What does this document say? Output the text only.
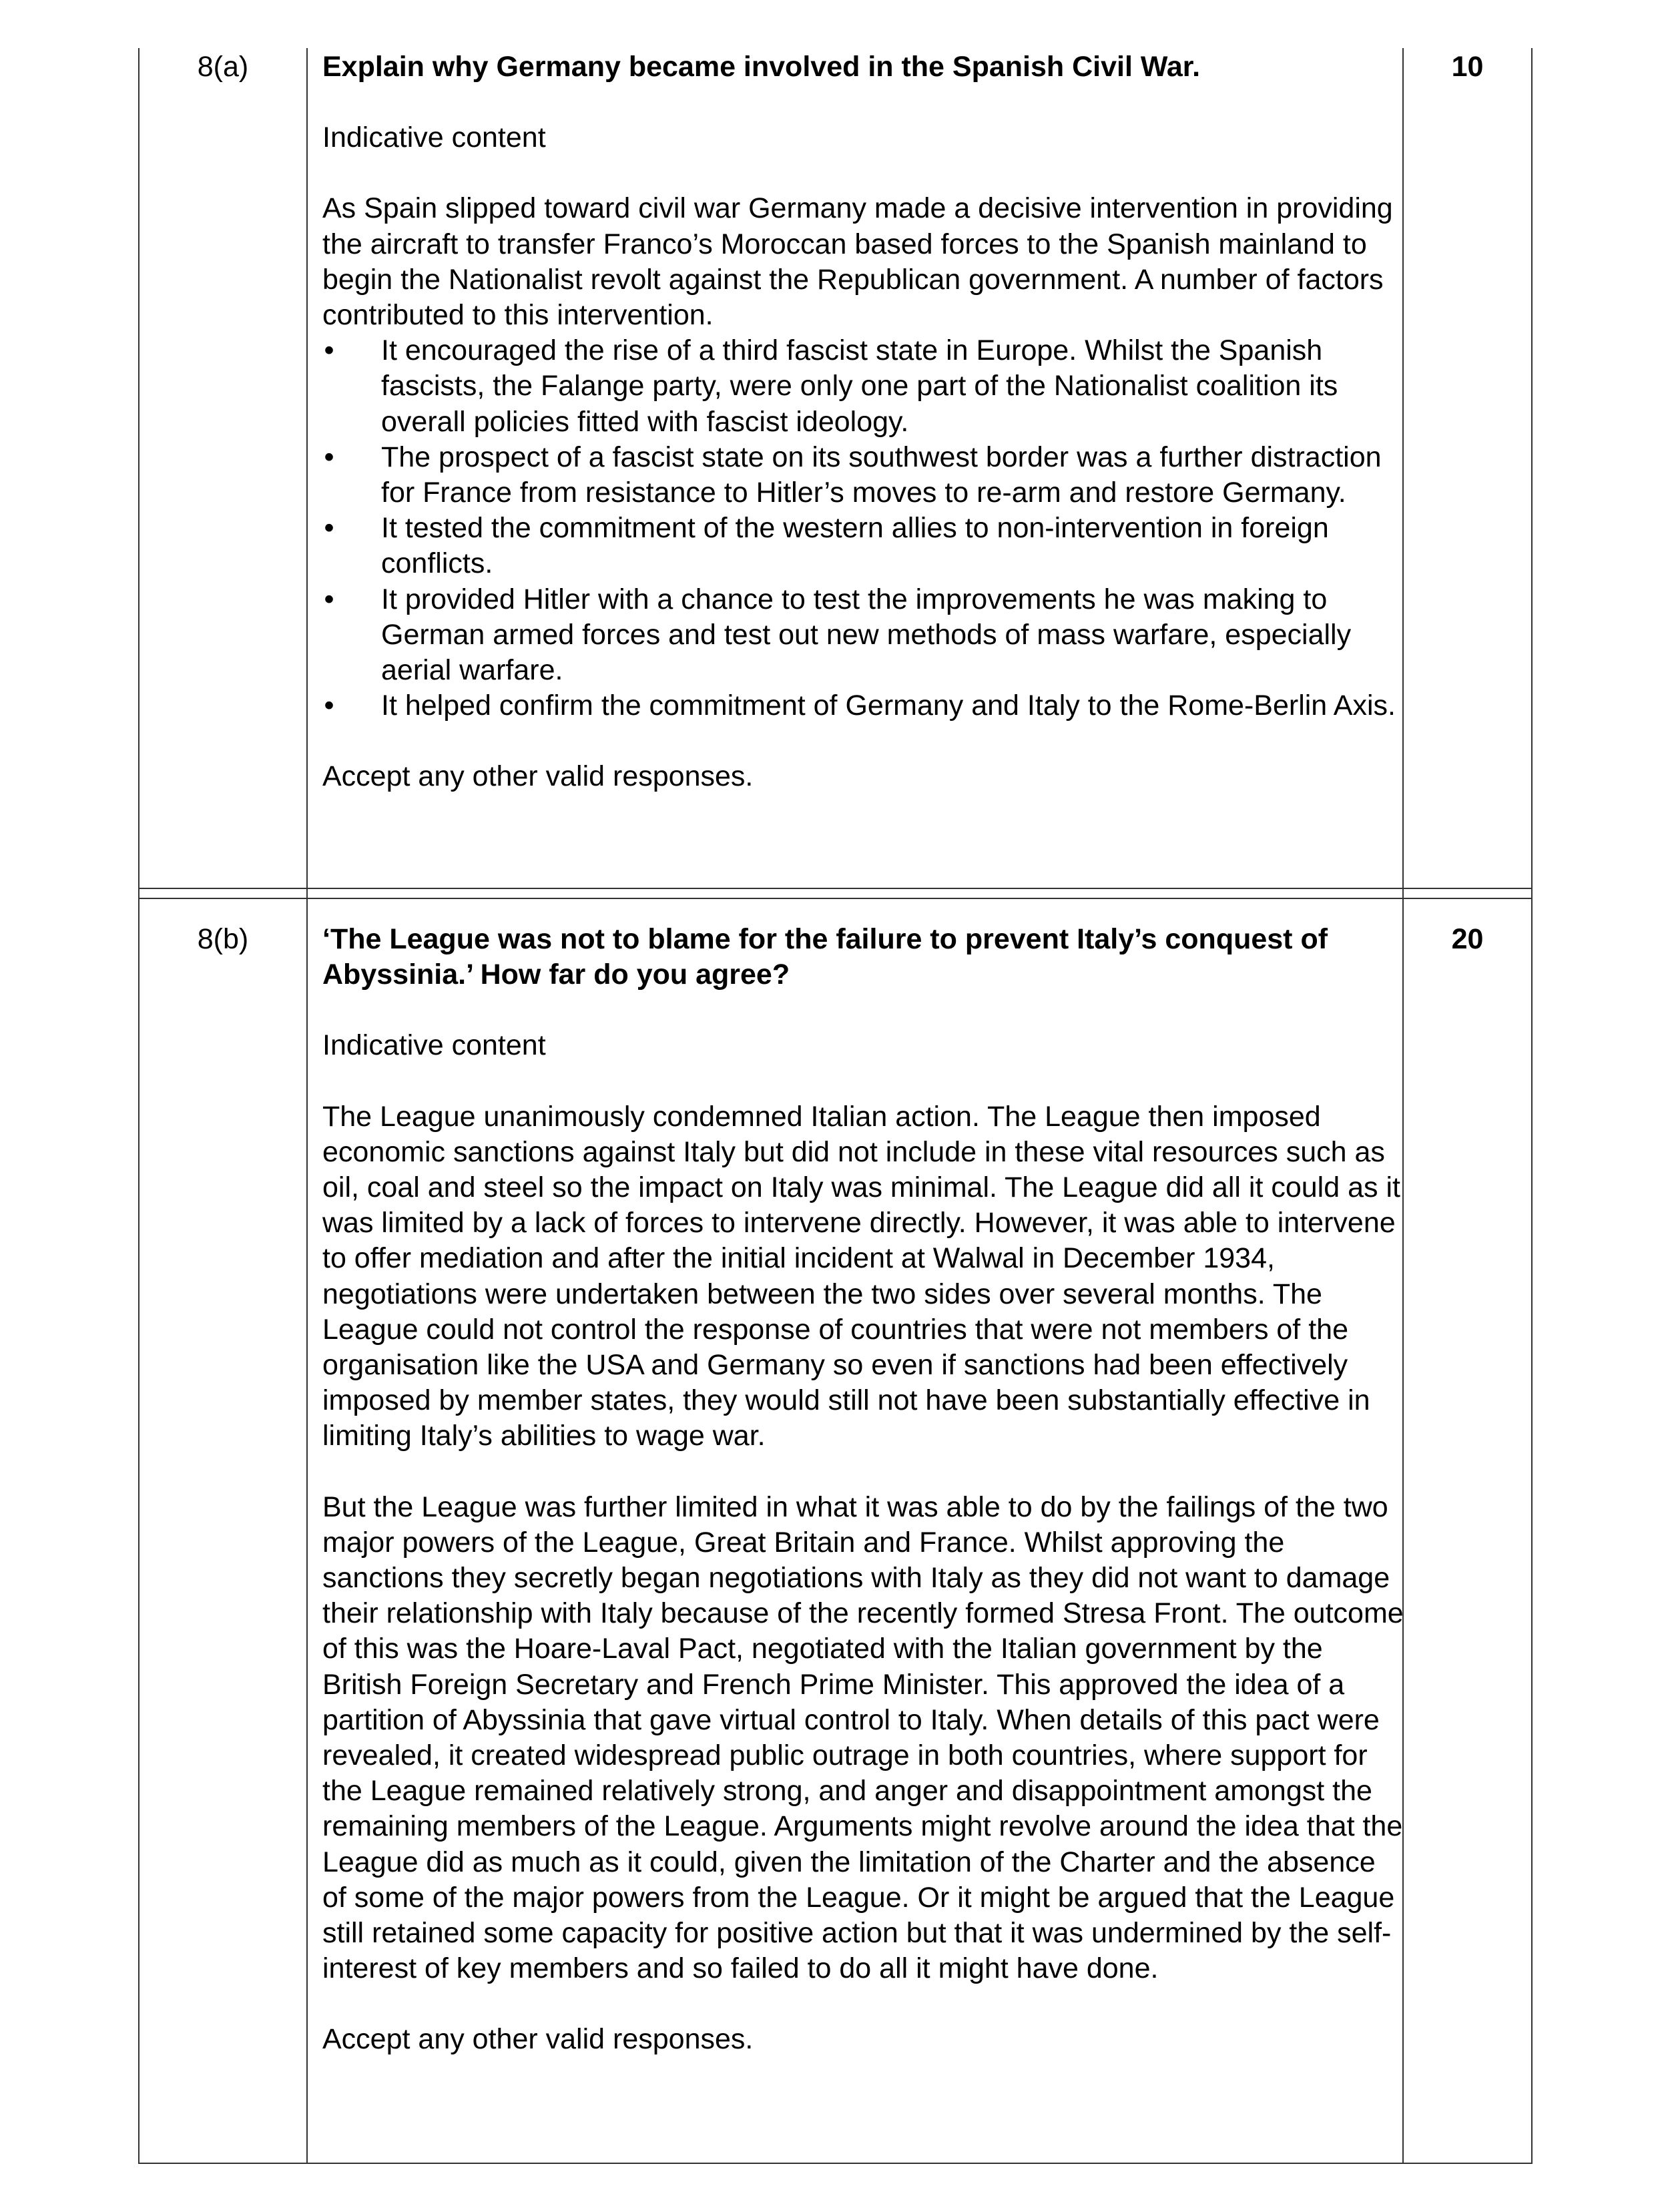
8(a)	10

Explain why Germany became involved in the Spanish Civil War.

Indicative content

As Spain slipped toward civil war Germany made a decisive intervention in providing the aircraft to transfer Franco’s Moroccan based forces to the Spanish mainland to begin the Nationalist revolt against the Republican government. A number of factors contributed to this intervention.

• It encouraged the rise of a third fascist state in Europe. Whilst the Spanish fascists, the Falange party, were only one part of the Nationalist coalition its overall policies fitted with fascist ideology.
• The prospect of a fascist state on its southwest border was a further distraction for France from resistance to Hitler’s moves to re-arm and restore Germany.
• It tested the commitment of the western allies to non-intervention in foreign conflicts.
• It provided Hitler with a chance to test the improvements he was making to German armed forces and test out new methods of mass warfare, especially aerial warfare.
• It helped confirm the commitment of Germany and Italy to the Rome-Berlin Axis.

Accept any other valid responses.

8(b)	20

‘The League was not to blame for the failure to prevent Italy’s conquest of Abyssinia.’ How far do you agree?

Indicative content

The League unanimously condemned Italian action. The League then imposed economic sanctions against Italy but did not include in these vital resources such as oil, coal and steel so the impact on Italy was minimal. The League did all it could as it was limited by a lack of forces to intervene directly. However, it was able to intervene to offer mediation and after the initial incident at Walwal in December 1934, negotiations were undertaken between the two sides over several months. The League could not control the response of countries that were not members of the organisation like the USA and Germany so even if sanctions had been effectively imposed by member states, they would still not have been substantially effective in limiting Italy’s abilities to wage war.

But the League was further limited in what it was able to do by the failings of the two major powers of the League, Great Britain and France. Whilst approving the sanctions they secretly began negotiations with Italy as they did not want to damage their relationship with Italy because of the recently formed Stresa Front. The outcome of this was the Hoare-Laval Pact, negotiated with the Italian government by the British Foreign Secretary and French Prime Minister. This approved the idea of a partition of Abyssinia that gave virtual control to Italy. When details of this pact were revealed, it created widespread public outrage in both countries, where support for the League remained relatively strong, and anger and disappointment amongst the remaining members of the League. Arguments might revolve around the idea that the League did as much as it could, given the limitation of the Charter and the absence of some of the major powers from the League. Or it might be argued that the League still retained some capacity for positive action but that it was undermined by the self-interest of key members and so failed to do all it might have done.

Accept any other valid responses.
